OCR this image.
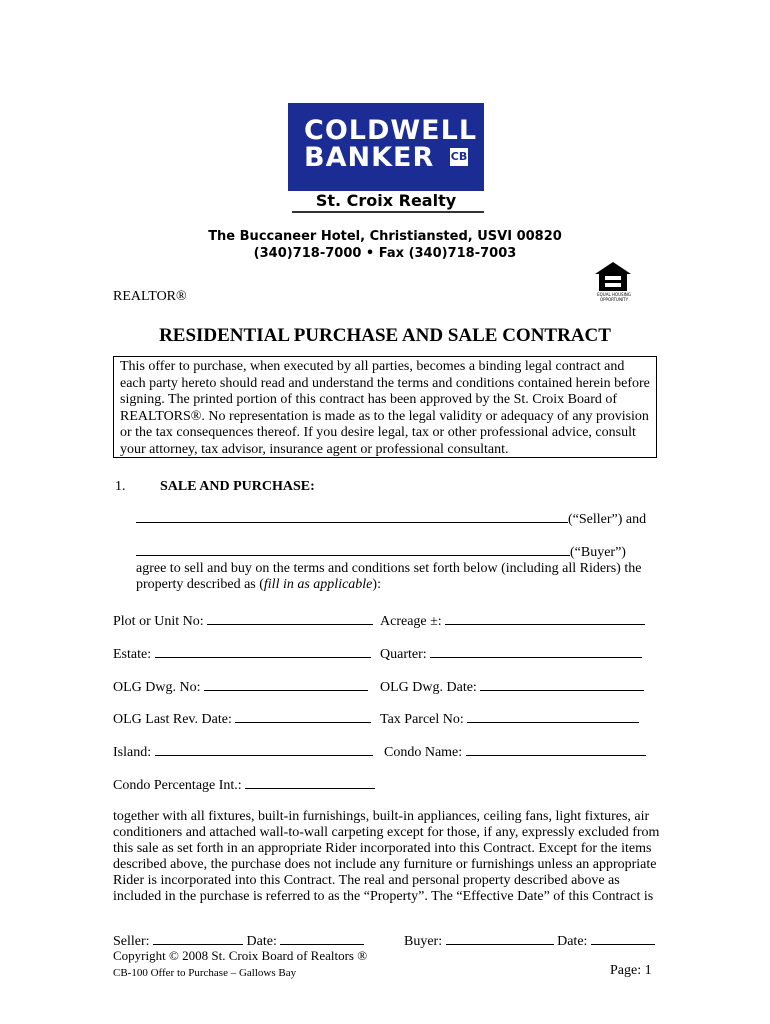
COLDWELL
BANKER CB
St. Croix Realty
The Buccaneer Hotel, Christiansted, USVI 00820
(340)718-7000 • Fax (340)718-7003
EQUAL HOUSING OPPORTUNITY
REALTOR®
RESIDENTIAL PURCHASE AND SALE CONTRACT
This offer to purchase, when executed by all parties, becomes a binding legal contract and each party hereto should read and understand the terms and conditions contained herein before signing. The printed portion of this contract has been approved by the St. Croix Board of REALTORS®. No representation is made as to the legal validity or adequacy of any provision or the tax consequences thereof. If you desire legal, tax or other professional advice, consult your attorney, tax advisor, insurance agent or professional consultant.
1. SALE AND PURCHASE:
(“Seller”) and
(“Buyer”)
agree to sell and buy on the terms and conditions set forth below (including all Riders) the
property described as (fill in as applicable):
Plot or Unit No:	Acreage ±:
Estate:	Quarter:
OLG Dwg. No:	OLG Dwg. Date:
OLG Last Rev. Date:	Tax Parcel No:
Island:	Condo Name:
Condo Percentage Int.:
together with all fixtures, built-in furnishings, built-in appliances, ceiling fans, light fixtures, air
conditioners and attached wall-to-wall carpeting except for those, if any, expressly excluded from
this sale as set forth in an appropriate Rider incorporated into this Contract. Except for the items
described above, the purchase does not include any furniture or furnishings unless an appropriate
Rider is incorporated into this Contract. The real and personal property described above as
included in the purchase is referred to as the “Property”. The “Effective Date” of this Contract is
Seller:	Date:	Buyer:	Date:
Copyright © 2008 St. Croix Board of Realtors ®
CB-100 Offer to Purchase – Gallows Bay	Page: 1
